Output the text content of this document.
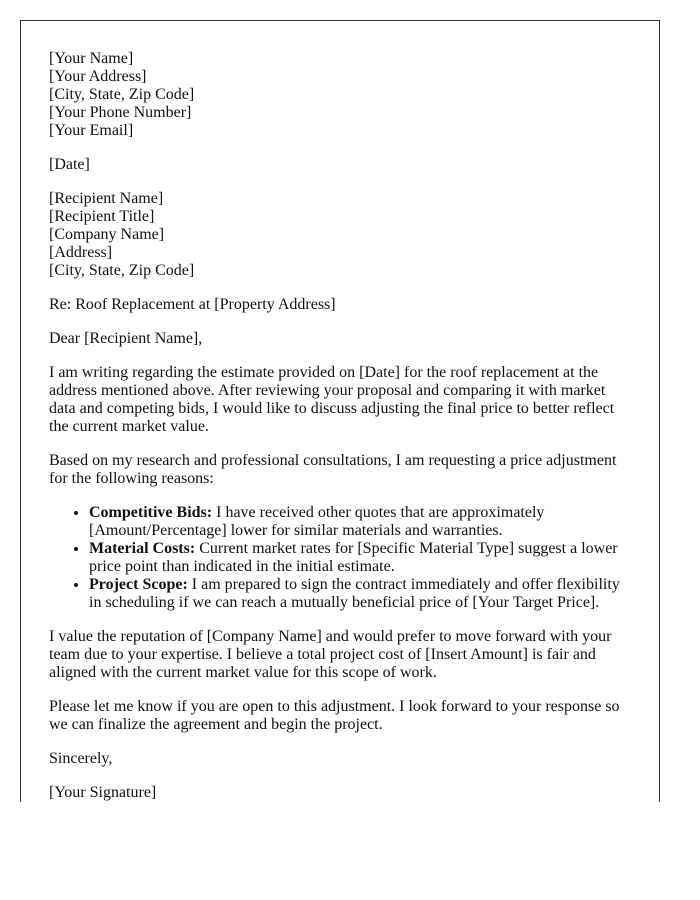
[Your Name]
[Your Address]
[City, State, Zip Code]
[Your Phone Number]
[Your Email]

[Date]

[Recipient Name]
[Recipient Title]
[Company Name]
[Address]
[City, State, Zip Code]

Re: Roof Replacement at [Property Address]

Dear [Recipient Name],

I am writing regarding the estimate provided on [Date] for the roof replacement at the address mentioned above. After reviewing your proposal and comparing it with market data and competing bids, I would like to discuss adjusting the final price to better reflect the current market value.

Based on my research and professional consultations, I am requesting a price adjustment for the following reasons:

• Competitive Bids: I have received other quotes that are approximately [Amount/Percentage] lower for similar materials and warranties.
• Material Costs: Current market rates for [Specific Material Type] suggest a lower price point than indicated in the initial estimate.
• Project Scope: I am prepared to sign the contract immediately and offer flexibility in scheduling if we can reach a mutually beneficial price of [Your Target Price].

I value the reputation of [Company Name] and would prefer to move forward with your team due to your expertise. I believe a total project cost of [Insert Amount] is fair and aligned with the current market value for this scope of work.

Please let me know if you are open to this adjustment. I look forward to your response so we can finalize the agreement and begin the project.

Sincerely,

[Your Signature]
